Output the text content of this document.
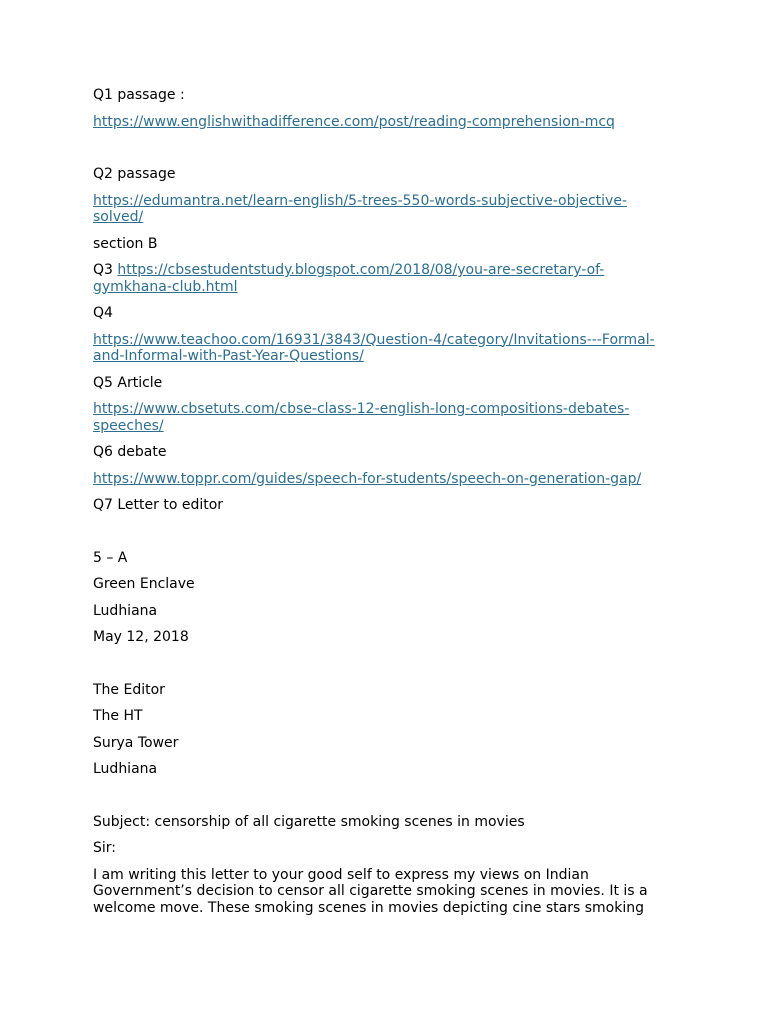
Q1 passage :
https://www.englishwithadifference.com/post/reading-comprehension-mcq
Q2 passage
https://edumantra.net/learn-english/5-trees-550-words-subjective-objective-solved/
section B
Q3 https://cbsestudentstudy.blogspot.com/2018/08/you-are-secretary-of-gymkhana-club.html
Q4
https://www.teachoo.com/16931/3843/Question-4/category/Invitations---Formal-and-Informal-with-Past-Year-Questions/
Q5 Article
https://www.cbsetuts.com/cbse-class-12-english-long-compositions-debates-speeches/
Q6 debate
https://www.toppr.com/guides/speech-for-students/speech-on-generation-gap/
Q7 Letter to editor
5 – A
Green Enclave
Ludhiana
May 12, 2018
The Editor
The HT
Surya Tower
Ludhiana
Subject: censorship of all cigarette smoking scenes in movies
Sir:
I am writing this letter to your good self to express my views on Indian Government’s decision to censor all cigarette smoking scenes in movies. It is a welcome move. These smoking scenes in movies depicting cine stars smoking
